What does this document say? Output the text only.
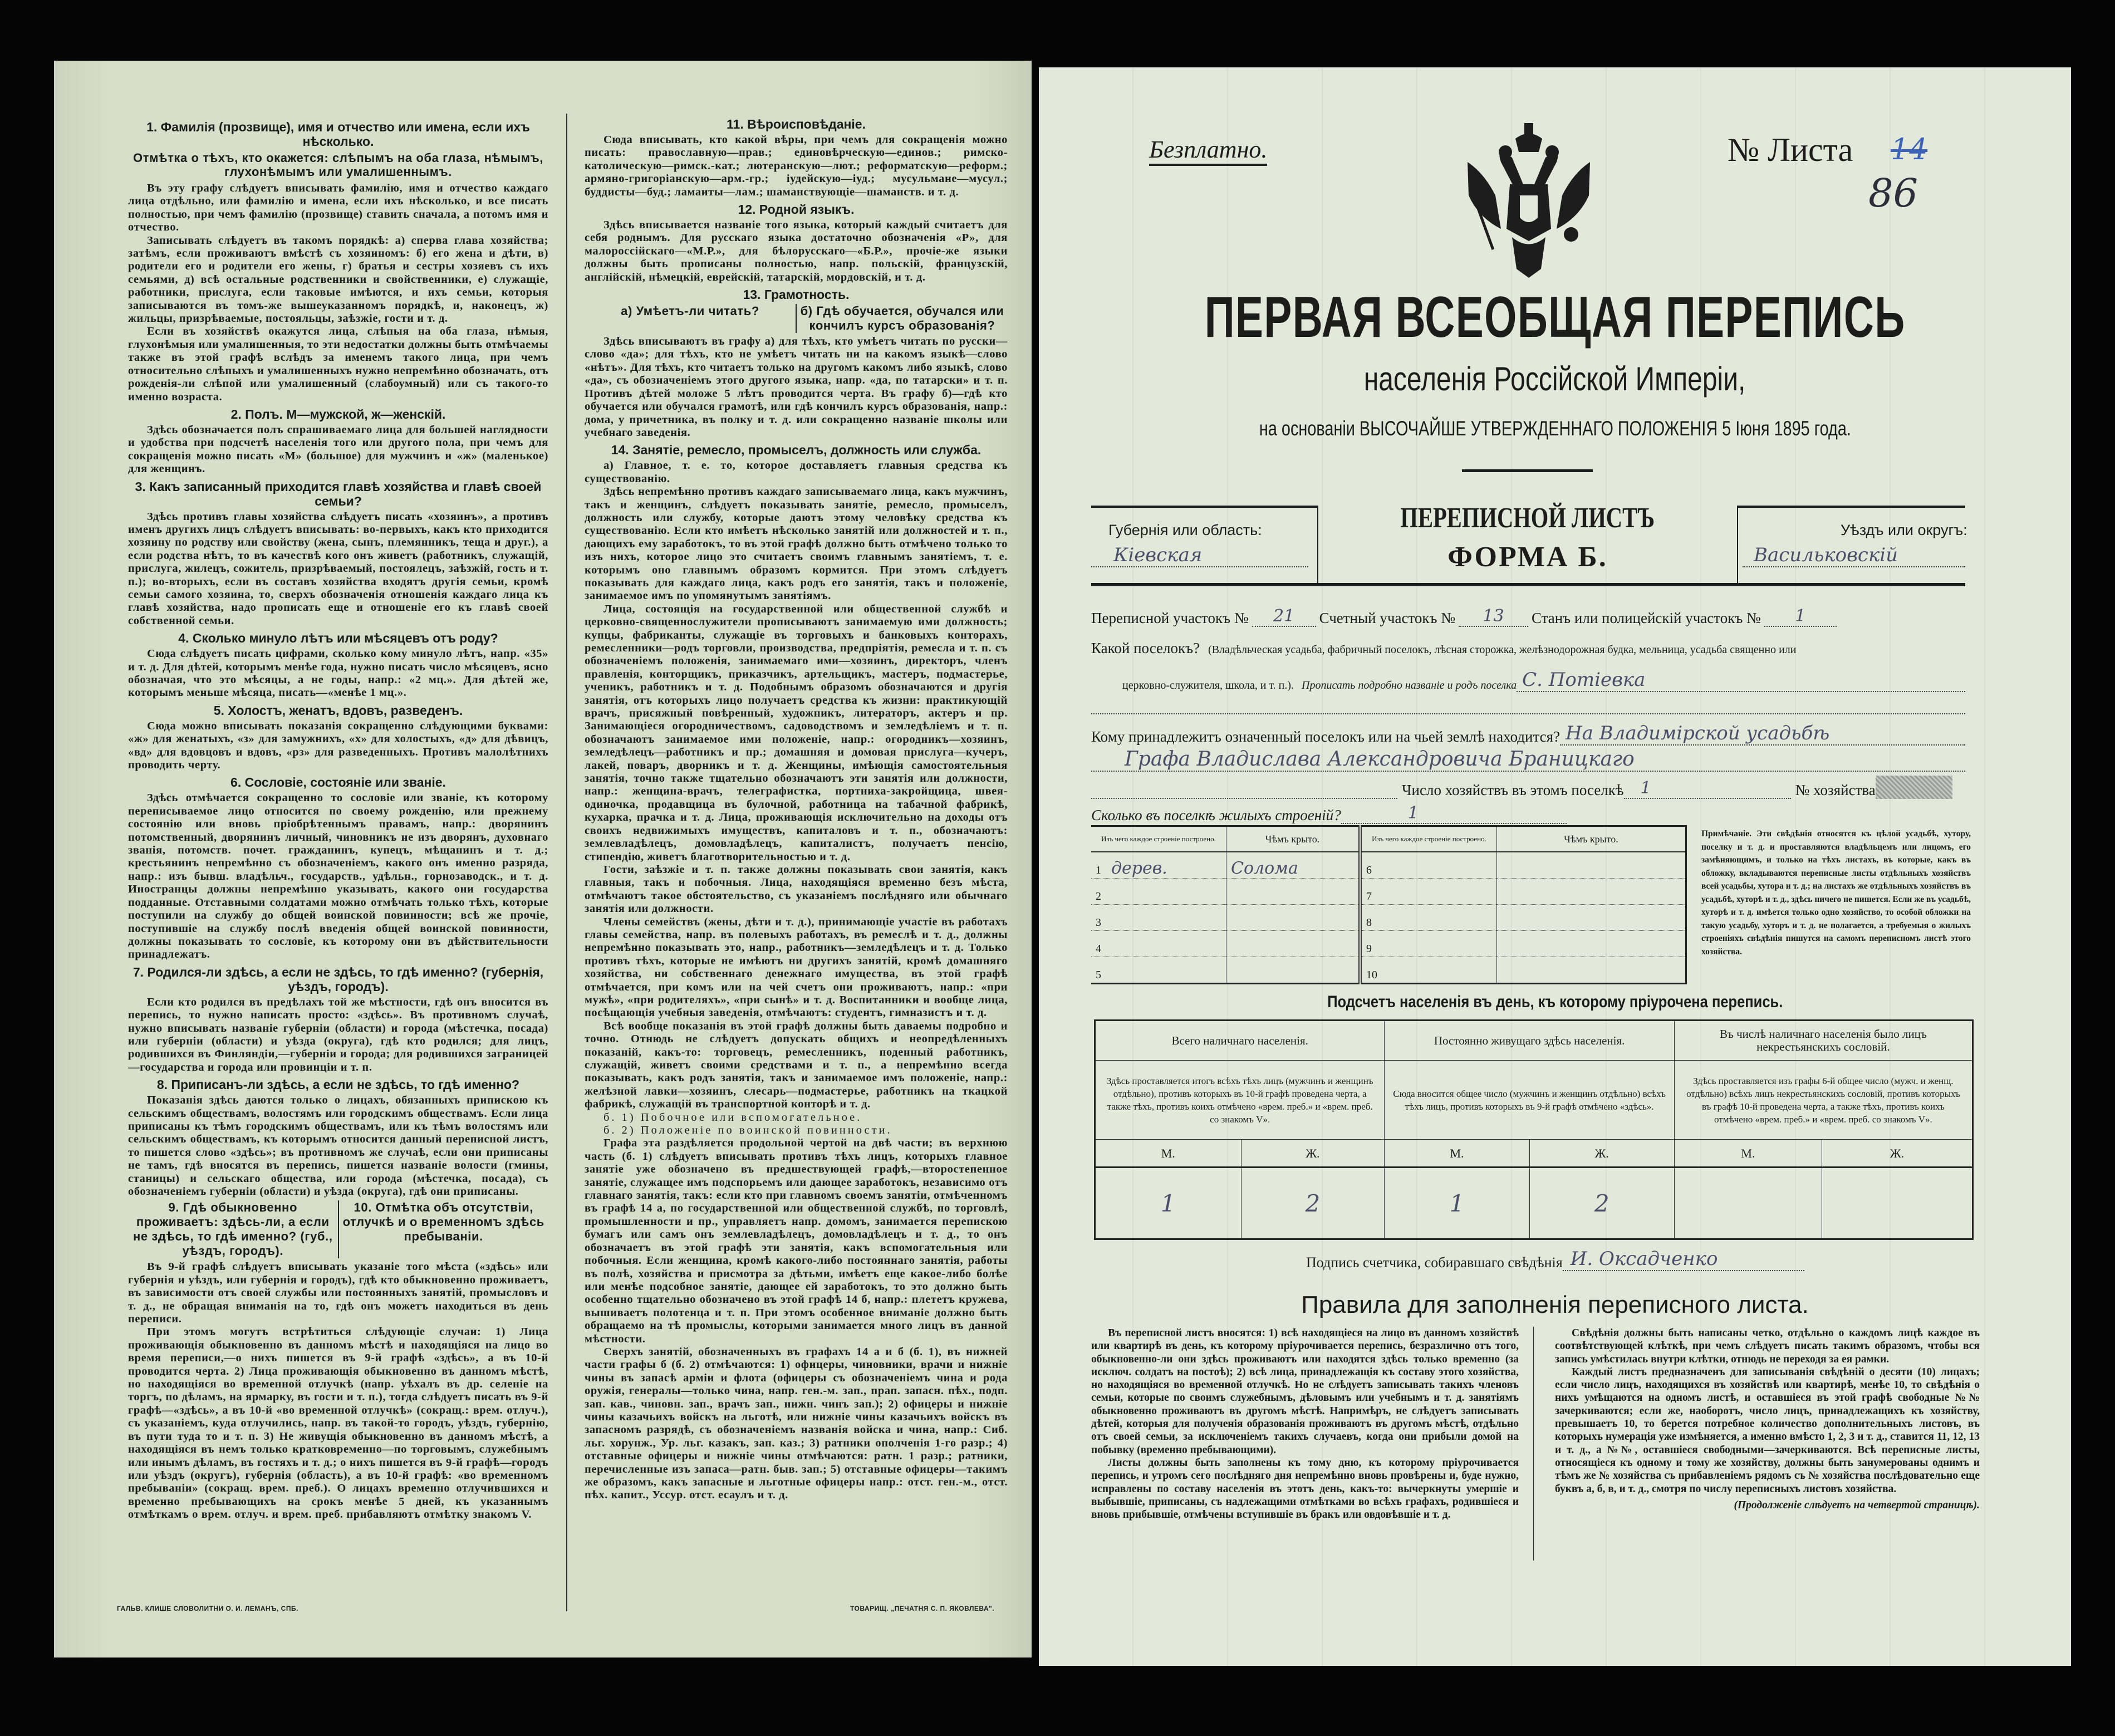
1. Фамилія (прозвище), имя и отчество или имена, если ихъ нѣсколько.
Отмѣтка о тѣхъ, кто окажется: слѣпымъ на оба глаза, нѣмымъ, глухонѣмымъ или умалишеннымъ.

Въ эту графу слѣдуетъ вписывать фамилію, имя и отчество каждаго лица отдѣльно, или фамилію и имена, если ихъ нѣсколько, и все писать полностью, при чемъ фамилію (прозвище) ставить сначала, а потомъ имя и отчество.

Записывать слѣдуетъ въ такомъ порядкѣ: а) сперва глава хозяйства; затѣмъ, если проживаютъ вмѣстѣ съ хозяиномъ: б) его жена и дѣти, в) родители его и родители его жены, г) братья и сестры хозяевъ съ ихъ семьями, д) всѣ остальные родственники и свойственники, е) служащіе, работники, прислуга, если таковые имѣются, и ихъ семьи, которыя записываются въ томъ-же вышеуказанномъ порядкѣ, и, наконецъ, ж) жильцы, призрѣваемые, постояльцы, заѣзжіе, гости и т. д.

Если въ хозяйствѣ окажутся лица, слѣпыя на оба глаза, нѣмыя, глухонѣмыя или умалишенныя, то эти недостатки должны быть отмѣчаемы также въ этой графѣ вслѣдъ за именемъ такого лица, при чемъ относительно слѣпыхъ и умалишенныхъ нужно непремѣнно обозначать, отъ рожденія-ли слѣпой или умалишенный (слабоумный) или съ такого-то именно возраста.

2. Полъ. М—мужской, ж—женскій.

Здѣсь обозначается полъ спрашиваемаго лица для большей наглядности и удобства при подсчетѣ населенія того или другого пола, при чемъ для сокращенія можно писать «М» (большое) для мужчинъ и «ж» (маленькое) для женщинъ.

3. Какъ записанный приходится главѣ хозяйства и главѣ своей семьи?

Здѣсь противъ главы хозяйства слѣдуетъ писать «хозяинъ», а противъ именъ другихъ лицъ слѣдуетъ вписывать: во-первыхъ, какъ кто приходится хозяину по родству или свойству (жена, сынъ, племянникъ, теща и друг.), а если родства нѣтъ, то въ качествѣ кого онъ живетъ (работникъ, служащій, прислуга, жилецъ, сожитель, призрѣваемый, постоялецъ, заѣзжій, гость и т. п.); во-вторыхъ, если въ составъ хозяйства входятъ другія семьи, кромѣ семьи самого хозяина, то, сверхъ обозначенія отношенія каждаго лица къ главѣ хозяйства, надо прописать еще и отношеніе его къ главѣ своей собственной семьи.

4. Сколько минуло лѣтъ или мѣсяцевъ отъ роду?

Сюда слѣдуетъ писать цифрами, сколько кому минуло лѣтъ, напр. «35» и т. д. Для дѣтей, которымъ менѣе года, нужно писать число мѣсяцевъ, ясно обозначая, что это мѣсяцы, а не годы, напр.: «2 мц.». Для дѣтей же, которымъ меньше мѣсяца, писать—«менѣе 1 мц.».

5. Холостъ, женатъ, вдовъ, разведенъ.

Сюда можно вписывать показанія сокращенно слѣдующими буквами: «ж» для женатыхъ, «з» для замужнихъ, «х» для холостыхъ, «д» для дѣвицъ, «вд» для вдовцовъ и вдовъ, «рз» для разведенныхъ. Противъ малолѣтнихъ проводить черту.

6. Сословіе, состояніе или званіе.

Здѣсь отмѣчается сокращенно то сословіе или званіе, къ которому переписываемое лицо относится по своему рожденію, или прежнему состоянію или вновь пріобрѣтеннымъ правамъ, напр.: дворянинъ потомственный, дворянинъ личный, чиновникъ не изъ дворянъ, духовнаго званія, потомств. почет. гражданинъ, купецъ, мѣщанинъ и т. д.; крестьянинъ непремѣнно съ обозначеніемъ, какого онъ именно разряда, напр.: изъ бывш. владѣльч., государств., удѣльн., горнозаводск., и т. д. Иностранцы должны непремѣнно указывать, какого они государства подданные. Отставными солдатами можно отмѣчать только тѣхъ, которые поступили на службу до общей воинской повинности; всѣ же прочіе, поступившіе на службу послѣ введенія общей воинской повинности, должны показывать то сословіе, къ которому они въ дѣйствительности принадлежатъ.

7. Родился-ли здѣсь, а если не здѣсь, то гдѣ именно? (губернія, уѣздъ, городъ).

Если кто родился въ предѣлахъ той же мѣстности, гдѣ онъ вносится въ перепись, то нужно написать просто: «здѣсь». Въ противномъ случаѣ, нужно вписывать названіе губерніи (области) и города (мѣстечка, посада) или губерніи (области) и уѣзда (округа), гдѣ кто родился; для лицъ, родившихся въ Финляндіи,—губерніи и города; для родившихся заграницей—государства и города или провинціи и т. п.

8. Приписанъ-ли здѣсь, а если не здѣсь, то гдѣ именно?

Показанія здѣсь даются только о лицахъ, обязанныхъ припискою къ сельскимъ обществамъ, волостямъ или городскимъ обществамъ. Если лица приписаны къ тѣмъ городскимъ обществамъ, или къ тѣмъ волостямъ или сельскимъ обществамъ, къ которымъ относится данный переписной листъ, то пишется слово «здѣсь»; въ противномъ же случаѣ, если они приписаны не тамъ, гдѣ вносятся въ перепись, пишется названіе волости (гмины, станицы) и сельскаго общества, или города (мѣстечка, посада), съ обозначеніемъ губерніи (области) и уѣзда (округа), гдѣ они приписаны.

9. Гдѣ обыкновенно проживаетъ: здѣсь-ли, а если не здѣсь, то гдѣ именно? (губ., уѣздъ, городъ).
10. Отмѣтка объ отсутствіи, отлучкѣ и о временномъ здѣсь пребываніи.

Въ 9-й графѣ слѣдуетъ вписывать указаніе того мѣста («здѣсь» или губернія и уѣздъ, или губернія и городъ), гдѣ кто обыкновенно проживаетъ, въ зависимости отъ своей службы или постоянныхъ занятій, промысловъ и т. д., не обращая вниманія на то, гдѣ онъ можетъ находиться въ день переписи.

При этомъ могутъ встрѣтиться слѣдующіе случаи: 1) Лица проживающія обыкновенно въ данномъ мѣстѣ и находящіяся на лицо во время переписи,—о нихъ пишется въ 9-й графѣ «здѣсь», а въ 10-й проводится черта. 2) Лица проживающія обыкновенно въ данномъ мѣстѣ, но находящіяся во временной отлучкѣ (напр. уѣхалъ въ др. селеніе на торгъ, по дѣламъ, на ярмарку, въ гости и т. п.), тогда слѣдуетъ писать въ 9-й графѣ—«здѣсь», а въ 10-й «во временной отлучкѣ» (сокращ.: врем. отлуч.), съ указаніемъ, куда отлучились, напр. въ такой-то городъ, уѣздъ, губернію, въ пути туда то и т. п. 3) Не живущія обыкновенно въ данномъ мѣстѣ, а находящіяся въ немъ только кратковременно—по торговымъ, служебнымъ или инымъ дѣламъ, въ гостяхъ и т. д.; о нихъ пишется въ 9-й графѣ—городъ или уѣздъ (округъ), губернія (область), а въ 10-й графѣ: «во временномъ пребываніи» (сокращ. врем. преб.). О лицахъ временно отлучившихся и временно пребывающихъ на срокъ менѣе 5 дней, къ указаннымъ отмѣткамъ о врем. отлуч. и врем. преб. прибавляютъ отмѣтку знакомъ V.

11. Вѣроисповѣданіе.

Сюда вписывать, кто какой вѣры, при чемъ для сокращенія можно писать: православную—прав.; единовѣрческую—единов.; римско-католическую—римск.-кат.; лютеранскую—лют.; реформатскую—реформ.; армяно-григоріанскую—арм.-гр.; іудейскую—іуд.; мусульмане—мусул.; буддисты—буд.; ламаиты—лам.; шаманствующіе—шаманств. и т. д.

12. Родной языкъ.

Здѣсь вписывается названіе того языка, который каждый считаетъ для себя роднымъ. Для русскаго языка достаточно обозначенія «Р», для малороссійскаго—«М.Р.», для бѣлорусскаго—«Б.Р.», прочіе-же языки должны быть прописаны полностью, напр. польскій, французскій, англійскій, нѣмецкій, еврейскій, татарскій, мордовскій, и т. д.

13. Грамотность.
а) Умѣетъ-ли читать?	б) Гдѣ обучается, обучался или кончилъ курсъ образованія?

Здѣсь вписываютъ въ графу а) для тѣхъ, кто умѣетъ читать по русски—слово «да»; для тѣхъ, кто не умѣетъ читать ни на какомъ языкѣ—слово «нѣтъ». Для тѣхъ, кто читаетъ только на другомъ какомъ либо языкѣ, слово «да», съ обозначеніемъ этого другого языка, напр. «да, по татарски» и т. п. Противъ дѣтей моложе 5 лѣтъ проводится черта. Въ графу б)—гдѣ кто обучается или обучался грамотѣ, или гдѣ кончилъ курсъ образованія, напр.: дома, у причетника, въ полку и т. д. или сокращенно названіе школы или учебнаго заведенія.

14. Занятіе, ремесло, промыселъ, должность или служба.

а) Главное, т. е. то, которое доставляетъ главныя средства къ существованію.

Здѣсь непремѣнно противъ каждаго записываемаго лица, какъ мужчинъ, такъ и женщинъ, слѣдуетъ показывать занятіе, ремесло, промыселъ, должность или службу, которые даютъ этому человѣку средства къ существованію. Если кто имѣетъ нѣсколько занятій или должностей и т. п., дающихъ ему заработокъ, то въ этой графѣ должно быть отмѣчено только то изъ нихъ, которое лицо это считаетъ своимъ главнымъ занятіемъ, т. е. которымъ оно главнымъ образомъ кормится. При этомъ слѣдуетъ показывать для каждаго лица, какъ родъ его занятія, такъ и положеніе, занимаемое имъ по упомянутымъ занятіямъ.

Лица, состоящія на государственной или общественной службѣ и церковно-священнослужители прописываютъ занимаемую ими должность; купцы, фабриканты, служащіе въ торговыхъ и банковыхъ конторахъ, ремесленники—родъ торговли, производства, предпріятія, ремесла и т. п. съ обозначеніемъ положенія, занимаемаго ими—хозяинъ, директоръ, членъ правленія, конторщикъ, приказчикъ, артельщикъ, мастеръ, подмастерье, ученикъ, работникъ и т. д. Подобнымъ образомъ обозначаются и другія занятія, отъ которыхъ лицо получаетъ средства къ жизни: практикующій врачъ, присяжный повѣренный, художникъ, литераторъ, актеръ и пр. Занимающіеся огородничествомъ, садоводствомъ и земледѣліемъ и т. п. обозначаютъ занимаемое ими положеніе, напр.: огородникъ—хозяинъ, земледѣлецъ—работникъ и пр.; домашняя и домовая прислуга—кучеръ, лакей, поваръ, дворникъ и т. д. Женщины, имѣющія самостоятельныя занятія, точно также тщательно обозначаютъ эти занятія или должности, напр.: женщина-врачъ, телеграфистка, портниха-закройщица, швея-одиночка, продавщица въ булочной, работница на табачной фабрикѣ, кухарка, прачка и т. д. Лица, проживающія исключительно на доходы отъ своихъ недвижимыхъ имуществъ, капиталовъ и т. п., обозначаютъ: землевладѣлецъ, домовладѣлецъ, капиталистъ, получаетъ пенсію, стипендію, живетъ благотворительностью и т. д.

Гости, заѣзжіе и т. п. также должны показывать свои занятія, какъ главныя, такъ и побочныя. Лица, находящіяся временно безъ мѣста, отмѣчаютъ такое обстоятельство, съ указаніемъ послѣдняго или обычнаго занятія или должности.

Члены семействъ (жены, дѣти и т. д.), принимающіе участіе въ работахъ главы семейства, напр. въ полевыхъ работахъ, въ ремеслѣ и т. д., должны непремѣнно показывать это, напр., работникъ—земледѣлецъ и т. д. Только противъ тѣхъ, которые не имѣютъ ни другихъ занятій, кромѣ домашняго хозяйства, ни собственнаго денежнаго имущества, въ этой графѣ отмѣчается, при комъ или на чей счетъ они проживаютъ, напр.: «при мужѣ», «при родителяхъ», «при сынѣ» и т. д. Воспитанники и вообще лица, посѣщающія учебныя заведенія, отмѣчаютъ: студентъ, гимназистъ и т. д.

Всѣ вообще показанія въ этой графѣ должны быть даваемы подробно и точно. Отнюдь не слѣдуетъ допускать общихъ и неопредѣленныхъ показаній, какъ-то: торговецъ, ремесленникъ, поденный работникъ, служащій, живетъ своими средствами и т. п., а непремѣнно всегда показывать, какъ родъ занятія, такъ и занимаемое имъ положеніе, напр.: желѣзной лавки—хозяинъ, слесарь—подмастерье, работникъ на ткацкой фабрикѣ, служащій въ транспортной конторѣ и т. д.

б. 1) Побочное или вспомогательное.

б. 2) Положеніе по воинской повинности.

Графа эта раздѣляется продольной чертой на двѣ части; въ верхнюю часть (б. 1) слѣдуетъ вписывать противъ тѣхъ лицъ, которыхъ главное занятіе уже обозначено въ предшествующей графѣ,—второстепенное занятіе, служащее имъ подспорьемъ или дающее заработокъ, независимо отъ главнаго занятія, такъ: если кто при главномъ своемъ занятіи, отмѣченномъ въ графѣ 14 а, по государственной или общественной службѣ, по торговлѣ, промышленности и пр., управляетъ напр. домомъ, занимается перепискою бумагъ или самъ онъ землевладѣлецъ, домовладѣлецъ и т. д., то онъ обозначаетъ въ этой графѣ эти занятія, какъ вспомогательныя или побочныя. Если женщина, кромѣ какого-либо постояннаго занятія, работы въ полѣ, хозяйства и присмотра за дѣтьми, имѣетъ еще какое-либо болѣе или менѣе подсобное занятіе, дающее ей заработокъ, то это должно быть особенно тщательно обозначено въ этой графѣ 14 б, напр.: плететъ кружева, вышиваетъ полотенца и т. п. При этомъ особенное вниманіе должно быть обращаемо на тѣ промыслы, которыми занимается много лицъ въ данной мѣстности.

Сверхъ занятій, обозначенныхъ въ графахъ 14 а и б (б. 1), въ нижней части графы б (б. 2) отмѣчаются: 1) офицеры, чиновники, врачи и нижніе чины въ запасѣ арміи и флота (офицеры съ обозначеніемъ чина и рода оружія, генералы—только чина, напр. ген.-м. зап., прап. запасн. пѣх., подп. зап. кав., чиновн. зап., врачъ зап., нижн. чинъ зап.); 2) офицеры и нижніе чины казачьихъ войскъ на льготѣ, или нижніе чины казачьихъ войскъ въ запасномъ разрядѣ, съ обозначеніемъ названія войска и чина, напр.: Сиб. льг. хорунж., Ур. льг. казакъ, зап. каз.; 3) ратники ополченія 1-го разр.; 4) отставные офицеры и нижніе чины отмѣчаются: ратн. 1 разр.; ратники, перечисленные изъ запаса—ратн. быв. зап.; 5) отставные офицеры—такимъ же образомъ, какъ запасные и льготные офицеры напр.: отст. ген.-м., отст. пѣх. капит., Уссур. отст. есаулъ и т. д.

ГАЛЬВ. КЛИШЕ СЛОВОЛИТНИ О. И. ЛЕМАНЪ, СПБ.	ТОВАРИЩ. „ПЕЧАТНЯ С. П. ЯКОВЛЕВА".
Безплатно.	№ Листа 14
86
ПЕРВАЯ ВСЕОБЩАЯ ПЕРЕПИСЬ
населенія Россійской Имперіи,
на основаніи ВЫСОЧАЙШЕ УТВЕРЖДЕННАГО ПОЛОЖЕНІЯ 5 Іюня 1895 года.
Губернія или область:
Кіевская
ПЕРЕПИСНОЙ ЛИСТЪ
ФОРМА Б.
Уѣздъ или округъ:
Васильковскій
Переписной участокъ №	21	Счетный участокъ №	13	Станъ или полицейскій участокъ №	1
Какой поселокъ? (Владѣльческая усадьба, фабричный поселокъ, лѣсная сторожка, желѣзнодорожная будка, мельница, усадьба священно или
церковно-служителя, школа, и т. п.). Прописать подробно названіе и родъ поселка С. Потіевка
Кому принадлежитъ означенный поселокъ или на чьей землѣ находится? На Владимірской усадьбѣ
Графа Владислава Александровича Браницкаго
Число хозяйствъ въ этомъ поселкѣ	1	№ хозяйства
Сколько въ поселкѣ жилыхъ строеній?	1
Изъ чего каждое строеніе построено.	Чѣмъ крыто.	Изъ чего каждое строеніе построено.	Чѣмъ крыто.
1 дерев.	Солома	6	
2		7	
3		8	
4		9	
5		10	
Примѣчаніе. Эти свѣдѣнія относятся къ цѣлой усадьбѣ, хутору, поселку и т. д. и проставляются владѣльцемъ или лицомъ, его замѣняющимъ, и только на тѣхъ листахъ, въ которые, какъ въ обложку, вкладываются переписные листы отдѣльныхъ хозяйствъ всей усадьбы, хутора и т. д.; на листахъ же отдѣльныхъ хозяйствъ въ усадьбѣ, хуторѣ и т. д., здѣсь ничего не пишется. Если же въ усадьбѣ, хуторѣ и т. д. имѣется только одно хозяйство, то особой обложки на такую усадьбу, хуторъ и т. д. не полагается, а требуемыя о жилыхъ строеніяхъ свѣдѣнія пишутся на самомъ переписномъ листѣ этого хозяйства.
Подсчетъ населенія въ день, къ которому пріурочена перепись.
Всего наличнаго населенія.		Постоянно живущаго здѣсь населенія.		Въ числѣ наличнаго населенія было лицъ некрестьянскихъ сословій.	
Здѣсь проставляется итогъ всѣхъ тѣхъ лицъ (мужчинъ и женщинъ отдѣльно), противъ которыхъ въ 10-й графѣ проведена черта, а также тѣхъ, противъ коихъ отмѣчено «врем. преб.» и «врем. преб. со знакомъ V».		Сюда вносится общее число (мужчинъ и женщинъ отдѣльно) всѣхъ тѣхъ лицъ, противъ которыхъ въ 9-й графѣ отмѣчено «здѣсь».		Здѣсь проставляется изъ графы 6-й общее число (мужч. и женщ. отдѣльно) всѣхъ лицъ некрестьянскихъ сословій, противъ которыхъ въ графѣ 10-й проведена черта, а также тѣхъ, противъ коихъ отмѣчено «врем. преб.» и «врем. преб. со знакомъ V».	
М.	Ж.	М.	Ж.	М.	Ж.
1	2	1	2		
Подпись счетчика, собиравшаго свѣдѣнія И. Оксадченко
Правила для заполненія переписного листа.

Въ переписной листъ вносятся: 1) всѣ находящіеся на лицо въ данномъ хозяйствѣ или квартирѣ въ день, къ которому пріурочивается перепись, безразлично отъ того, обыкновенно-ли они здѣсь проживаютъ или находятся здѣсь только временно (за исключ. солдатъ на постоѣ); 2) всѣ лица, принадлежащія къ составу этого хозяйства, но находящіяся во временной отлучкѣ. Но не слѣдуетъ записывать такихъ членовъ семьи, которые по своимъ служебнымъ, дѣловымъ или учебнымъ и т. д. занятіямъ обыкновенно проживаютъ въ другомъ мѣстѣ. Напримѣръ, не слѣдуетъ записывать дѣтей, которыя для полученія образованія проживаютъ въ другомъ мѣстѣ, отдѣльно отъ своей семьи, за исключеніемъ такихъ случаевъ, когда они прибыли домой на побывку (временно пребывающими).

Листы должны быть заполнены къ тому дню, къ которому пріурочивается перепись, и утромъ сего послѣдняго дня непремѣнно вновь провѣрены и, буде нужно, исправлены по составу населенія въ этотъ день, какъ-то: вычеркнуты умершіе и выбывшіе, приписаны, съ надлежащими отмѣтками во всѣхъ графахъ, родившіеся и вновь прибывшіе, отмѣчены вступившіе въ бракъ или овдовѣвшіе и т. д.

Свѣдѣнія должны быть написаны четко, отдѣльно о каждомъ лицѣ каждое въ соотвѣтствующей клѣткѣ, при чемъ слѣдуетъ писать такимъ образомъ, чтобы вся запись умѣстилась внутри клѣтки, отнюдь не переходя за ея рамки.

Каждый листъ предназначенъ для записыванія свѣдѣній о десяти (10) лицахъ; если число лицъ, находящихся въ хозяйствѣ или квартирѣ, менѣе 10, то свѣдѣнія о нихъ умѣщаются на одномъ листѣ, и оставшіеся въ этой графѣ свободные №№ зачеркиваются; если же, наоборотъ, число лицъ, принадлежащихъ къ хозяйству, превышаетъ 10, то берется потребное количество дополнительныхъ листовъ, въ которыхъ нумерація уже измѣняется, а именно вмѣсто 1, 2, 3 и т. д., ставится 11, 12, 13 и т. д., а №№, оставшіеся свободными—зачеркиваются. Всѣ переписные листы, относящіеся къ одному и тому же хозяйству, должны быть занумерованы однимъ и тѣмъ же № хозяйства съ прибавленіемъ рядомъ съ № хозяйства послѣдовательно еще буквъ а, б, в, и т. д., смотря по числу переписныхъ листовъ хозяйства.

(Продолженіе слѣдуетъ на четвертой страницѣ).
